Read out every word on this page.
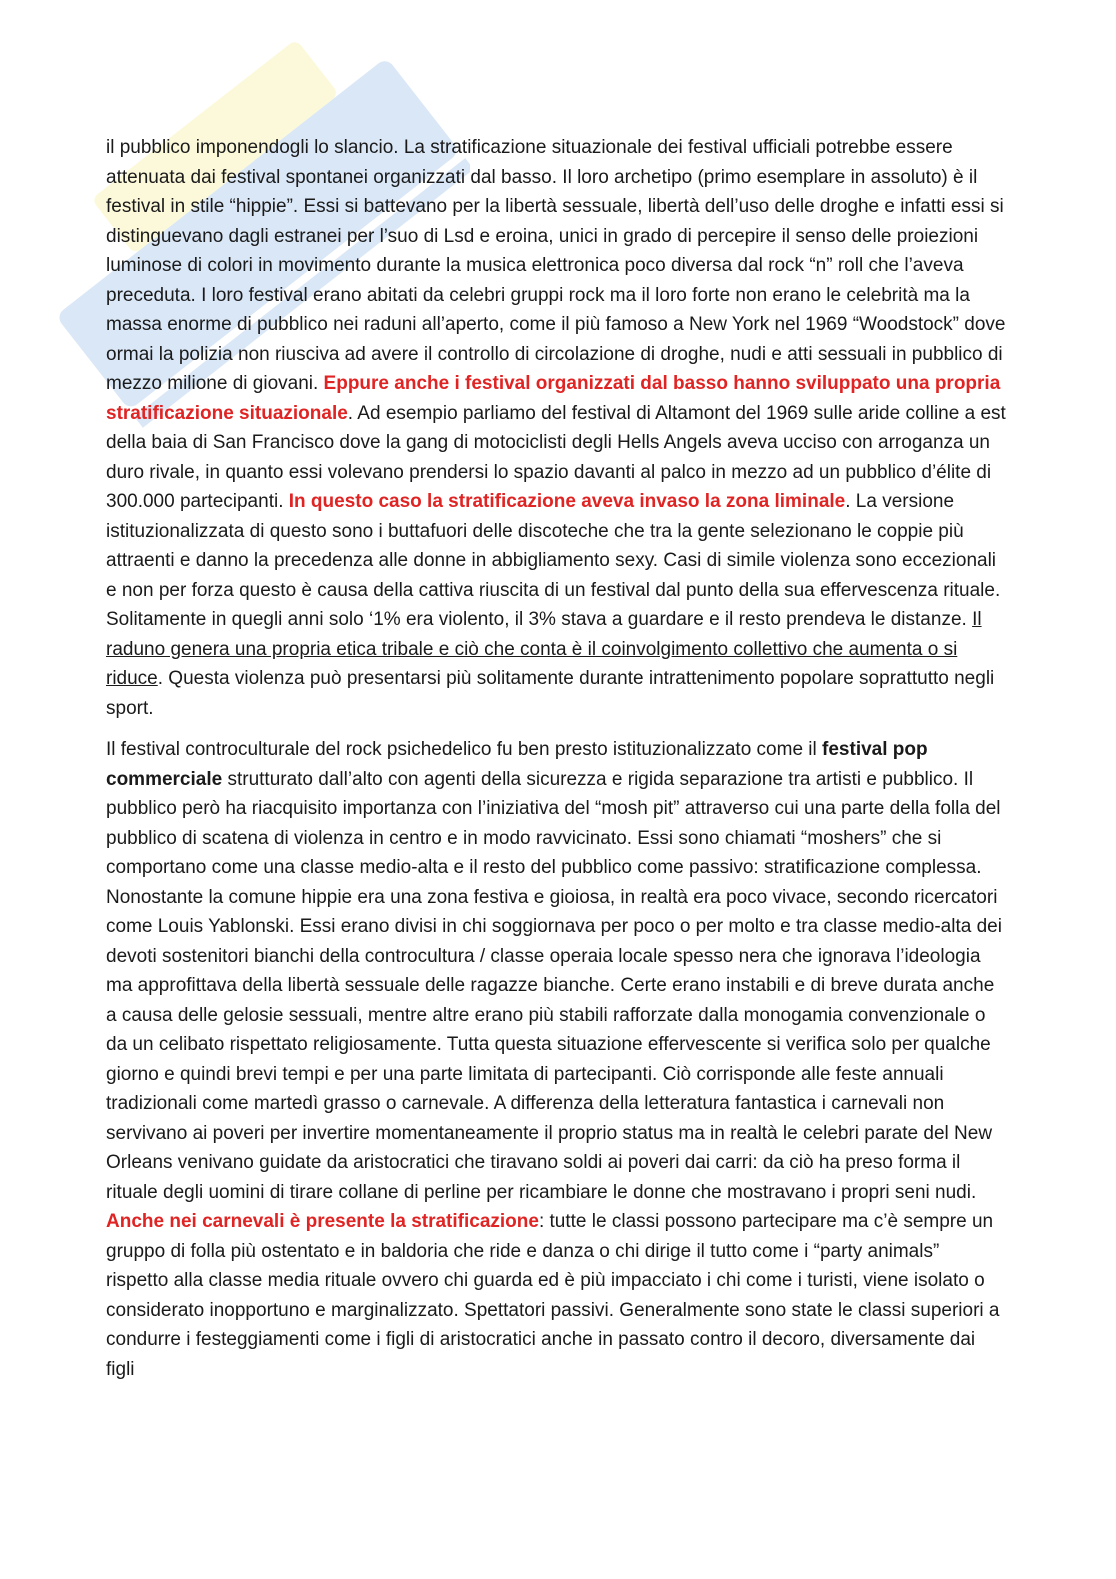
il pubblico imponendogli lo slancio. La stratificazione situazionale dei festival ufficiali potrebbe essere attenuata dai festival spontanei organizzati dal basso. Il loro archetipo (primo esemplare in assoluto) è il festival in stile “hippie”. Essi si battevano per la libertà sessuale, libertà dell’uso delle droghe e infatti essi si distinguevano dagli estranei per l’suo di Lsd e eroina, unici in grado di percepire il senso delle proiezioni luminose di colori in movimento durante la musica elettronica poco diversa dal rock “n” roll che l’aveva preceduta. I loro festival erano abitati da celebri gruppi rock ma il loro forte non erano le celebrità ma la massa enorme di pubblico nei raduni all’aperto, come il più famoso a New York nel 1969 “Woodstock” dove ormai la polizia non riusciva ad avere il controllo di circolazione di droghe, nudi e atti sessuali in pubblico di mezzo milione di giovani. Eppure anche i festival organizzati dal basso hanno sviluppato una propria stratificazione situazionale. Ad esempio parliamo del festival di Altamont del 1969 sulle aride colline a est della baia di San Francisco dove la gang di motociclisti degli Hells Angels aveva ucciso con arroganza un duro rivale, in quanto essi volevano prendersi lo spazio davanti al palco in mezzo ad un pubblico d’élite di 300.000 partecipanti. In questo caso la stratificazione aveva invaso la zona liminale. La versione istituzionalizzata di questo sono i buttafuori delle discoteche che tra la gente selezionano le coppie più attraenti e danno la precedenza alle donne in abbigliamento sexy. Casi di simile violenza sono eccezionali e non per forza questo è causa della cattiva riuscita di un festival dal punto della sua effervescenza rituale. Solitamente in quegli anni solo ‘1% era violento, il 3% stava a guardare e il resto prendeva le distanze. Il raduno genera una propria etica tribale e ciò che conta è il coinvolgimento collettivo che aumenta o si riduce. Questa violenza può presentarsi più solitamente durante intrattenimento popolare soprattutto negli sport.

Il festival controculturale del rock psichedelico fu ben presto istituzionalizzato come il festival pop commerciale strutturato dall’alto con agenti della sicurezza e rigida separazione tra artisti e pubblico. Il pubblico però ha riacquisito importanza con l’iniziativa del “mosh pit” attraverso cui una parte della folla del pubblico di scatena di violenza in centro e in modo ravvicinato. Essi sono chiamati “moshers” che si comportano come una classe medio-alta e il resto del pubblico come passivo: stratificazione complessa. Nonostante la comune hippie era una zona festiva e gioiosa, in realtà era poco vivace, secondo ricercatori come Louis Yablonski. Essi erano divisi in chi soggiornava per poco o per molto e tra classe medio-alta dei devoti sostenitori bianchi della controcultura / classe operaia locale spesso nera che ignorava l’ideologia ma approfittava della libertà sessuale delle ragazze bianche. Certe erano instabili e di breve durata anche a causa delle gelosie sessuali, mentre altre erano più stabili rafforzate dalla monogamia convenzionale o da un celibato rispettato religiosamente. Tutta questa situazione effervescente si verifica solo per qualche giorno e quindi brevi tempi e per una parte limitata di partecipanti. Ciò corrisponde alle feste annuali tradizionali come martedì grasso o carnevale. A differenza della letteratura fantastica i carnevali non servivano ai poveri per invertire momentaneamente il proprio status ma in realtà le celebri parate del New Orleans venivano guidate da aristocratici che tiravano soldi ai poveri dai carri: da ciò ha preso forma il rituale degli uomini di tirare collane di perline per ricambiare le donne che mostravano i propri seni nudi. Anche nei carnevali è presente la stratificazione: tutte le classi possono partecipare ma c’è sempre un gruppo di folla più ostentato e in baldoria che ride e danza o chi dirige il tutto come i “party animals” rispetto alla classe media rituale ovvero chi guarda ed è più impacciato i chi come i turisti, viene isolato o considerato inopportuno e marginalizzato. Spettatori passivi. Generalmente sono state le classi superiori a condurre i festeggiamenti come i figli di aristocratici anche in passato contro il decoro, diversamente dai figli
